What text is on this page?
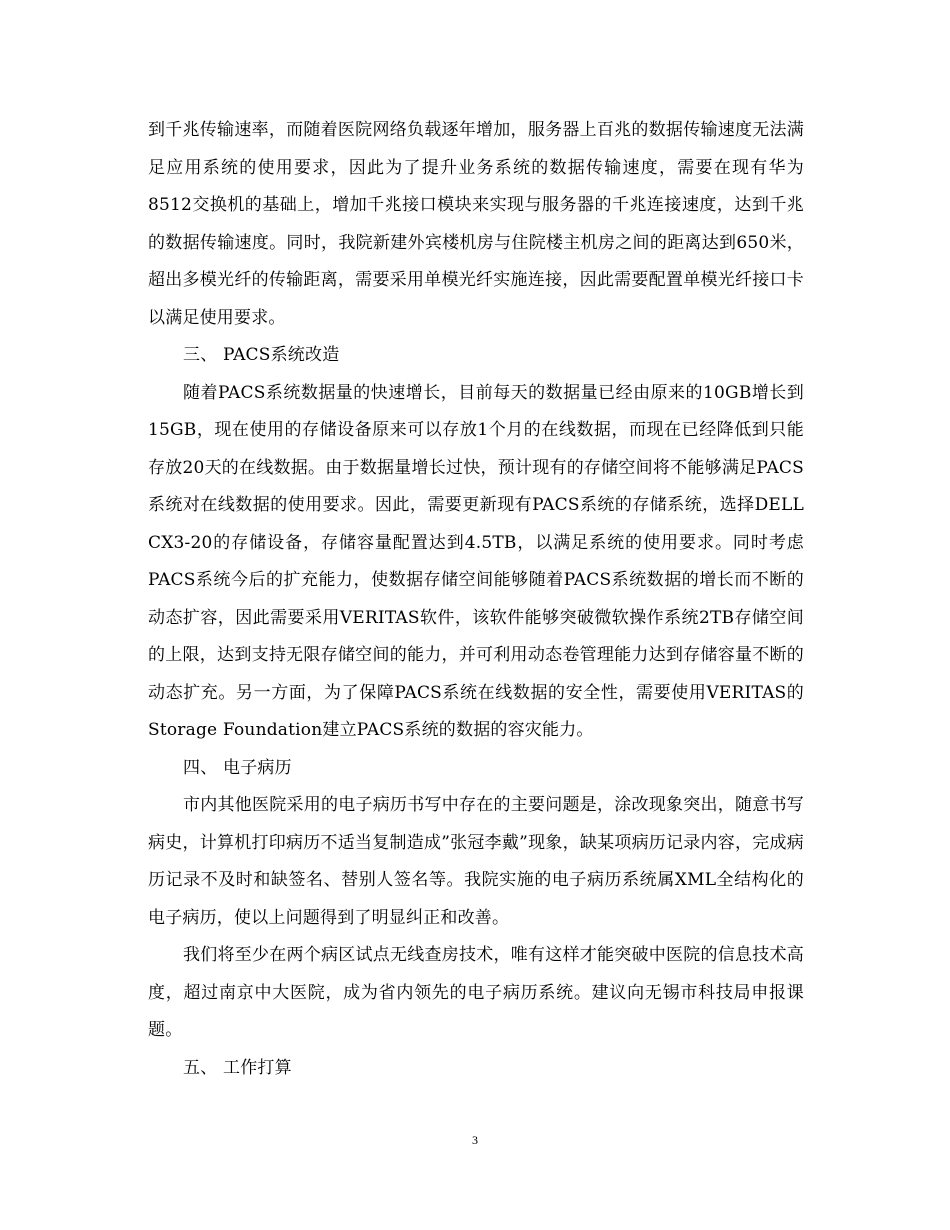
到千兆传输速率，而随着医院网络负载逐年增加，服务器上百兆的数据传输速度无法满足应用系统的使用要求，因此为了提升业务系统的数据传输速度，需要在现有华为8512交换机的基础上，增加千兆接口模块来实现与服务器的千兆连接速度，达到千兆的数据传输速度。同时，我院新建外宾楼机房与住院楼主机房之间的距离达到650米，超出多模光纤的传输距离，需要采用单模光纤实施连接，因此需要配置单模光纤接口卡以满足使用要求。

三、 PACS系统改造

随着PACS系统数据量的快速增长，目前每天的数据量已经由原来的10GB增长到15GB，现在使用的存储设备原来可以存放1个月的在线数据，而现在已经降低到只能存放20天的在线数据。由于数据量增长过快，预计现有的存储空间将不能够满足PACS系统对在线数据的使用要求。因此，需要更新现有PACS系统的存储系统，选择DELL CX3-20的存储设备，存储容量配置达到4.5TB，以满足系统的使用要求。同时考虑PACS系统今后的扩充能力，使数据存储空间能够随着PACS系统数据的增长而不断的动态扩容，因此需要采用VERITAS软件，该软件能够突破微软操作系统2TB存储空间的上限，达到支持无限存储空间的能力，并可利用动态卷管理能力达到存储容量不断的动态扩充。另一方面，为了保障PACS系统在线数据的安全性，需要使用VERITAS的Storage Foundation建立PACS系统的数据的容灾能力。

四、 电子病历

市内其他医院采用的电子病历书写中存在的主要问题是，涂改现象突出，随意书写病史，计算机打印病历不适当复制造成”张冠李戴”现象，缺某项病历记录内容，完成病历记录不及时和缺签名、替别人签名等。我院实施的电子病历系统属XML全结构化的电子病历，使以上问题得到了明显纠正和改善。

我们将至少在两个病区试点无线查房技术，唯有这样才能突破中医院的信息技术高度，超过南京中大医院，成为省内领先的电子病历系统。建议向无锡市科技局申报课题。

五、 工作打算

3
